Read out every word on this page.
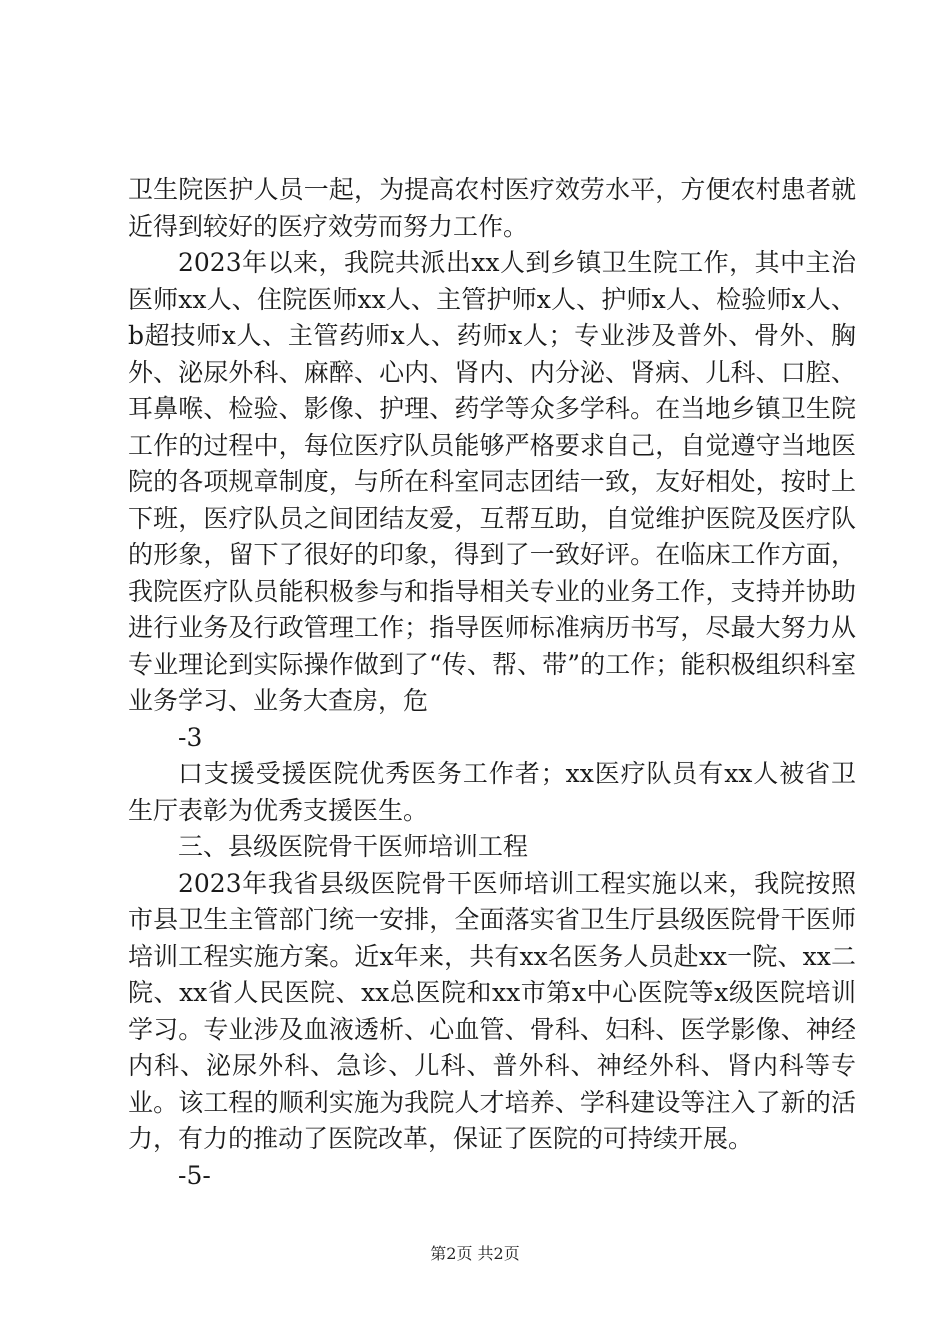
卫生院医护人员一起，为提高农村医疗效劳水平，方便农村患者就近得到较好的医疗效劳而努力工作。

2023年以来，我院共派出xx人到乡镇卫生院工作，其中主治医师xx人、住院医师xx人、主管护师x人、护师x人、检验师x人、b超技师x人、主管药师x人、药师x人；专业涉及普外、骨外、胸外、泌尿外科、麻醉、心内、肾内、内分泌、肾病、儿科、口腔、耳鼻喉、检验、影像、护理、药学等众多学科。在当地乡镇卫生院工作的过程中，每位医疗队员能够严格要求自己，自觉遵守当地医院的各项规章制度，与所在科室同志团结一致，友好相处，按时上下班，医疗队员之间团结友爱，互帮互助，自觉维护医院及医疗队的形象，留下了很好的印象，得到了一致好评。在临床工作方面，我院医疗队员能积极参与和指导相关专业的业务工作，支持并协助进行业务及行政管理工作；指导医师标准病历书写，尽最大努力从专业理论到实际操作做到了“传、帮、带”的工作；能积极组织科室业务学习、业务大查房，危

-3

口支援受援医院优秀医务工作者；xx医疗队员有xx人被省卫生厅表彰为优秀支援医生。

三、县级医院骨干医师培训工程

2023年我省县级医院骨干医师培训工程实施以来，我院按照市县卫生主管部门统一安排，全面落实省卫生厅县级医院骨干医师培训工程实施方案。近x年来，共有xx名医务人员赴xx一院、xx二院、xx省人民医院、xx总医院和xx市第x中心医院等x级医院培训学习。专业涉及血液透析、心血管、骨科、妇科、医学影像、神经内科、泌尿外科、急诊、儿科、普外科、神经外科、肾内科等专业。该工程的顺利实施为我院人才培养、学科建设等注入了新的活力，有力的推动了医院改革，保证了医院的可持续开展。

-5-

第2页 共2页
